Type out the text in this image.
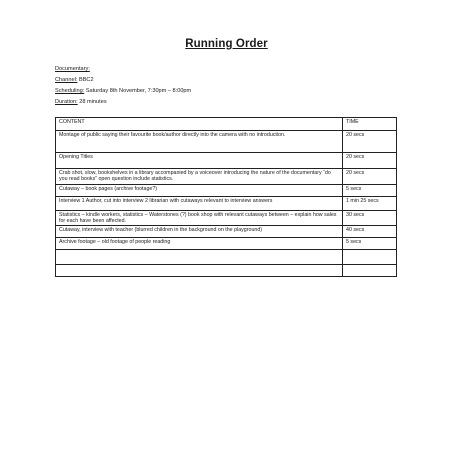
Running Order
Documentary:
Channel: BBC2
Scheduling: Saturday 8th November, 7:30pm – 8:00pm
Duration: 28 minutes
CONTENT	TIME
Montage of public saying their favourite book/author directly into the camera with no introduction.	20 secs
Opening Titles	20 secs
Crab shot, slow, bookshelves in a library accompanied by a voiceover introducing the nature of the documentary “do you read books” open question include statistics.	20 secs
Cutaway – book pages (archive footage?)	5 secs
Interview 1 Author, cut into interview 2 librarian with cutaways relevant to interview answers	1 min 25 secs
Statistics – kindle workers, statistics – Waterstones (?) book shop with relevant cutaways between – explain how sales for each have been affected.	30 secs
Cutaway, interview with teacher (blurred children in the background on the playground)	40 secs
Archive footage – old footage of people reading	5 secs
